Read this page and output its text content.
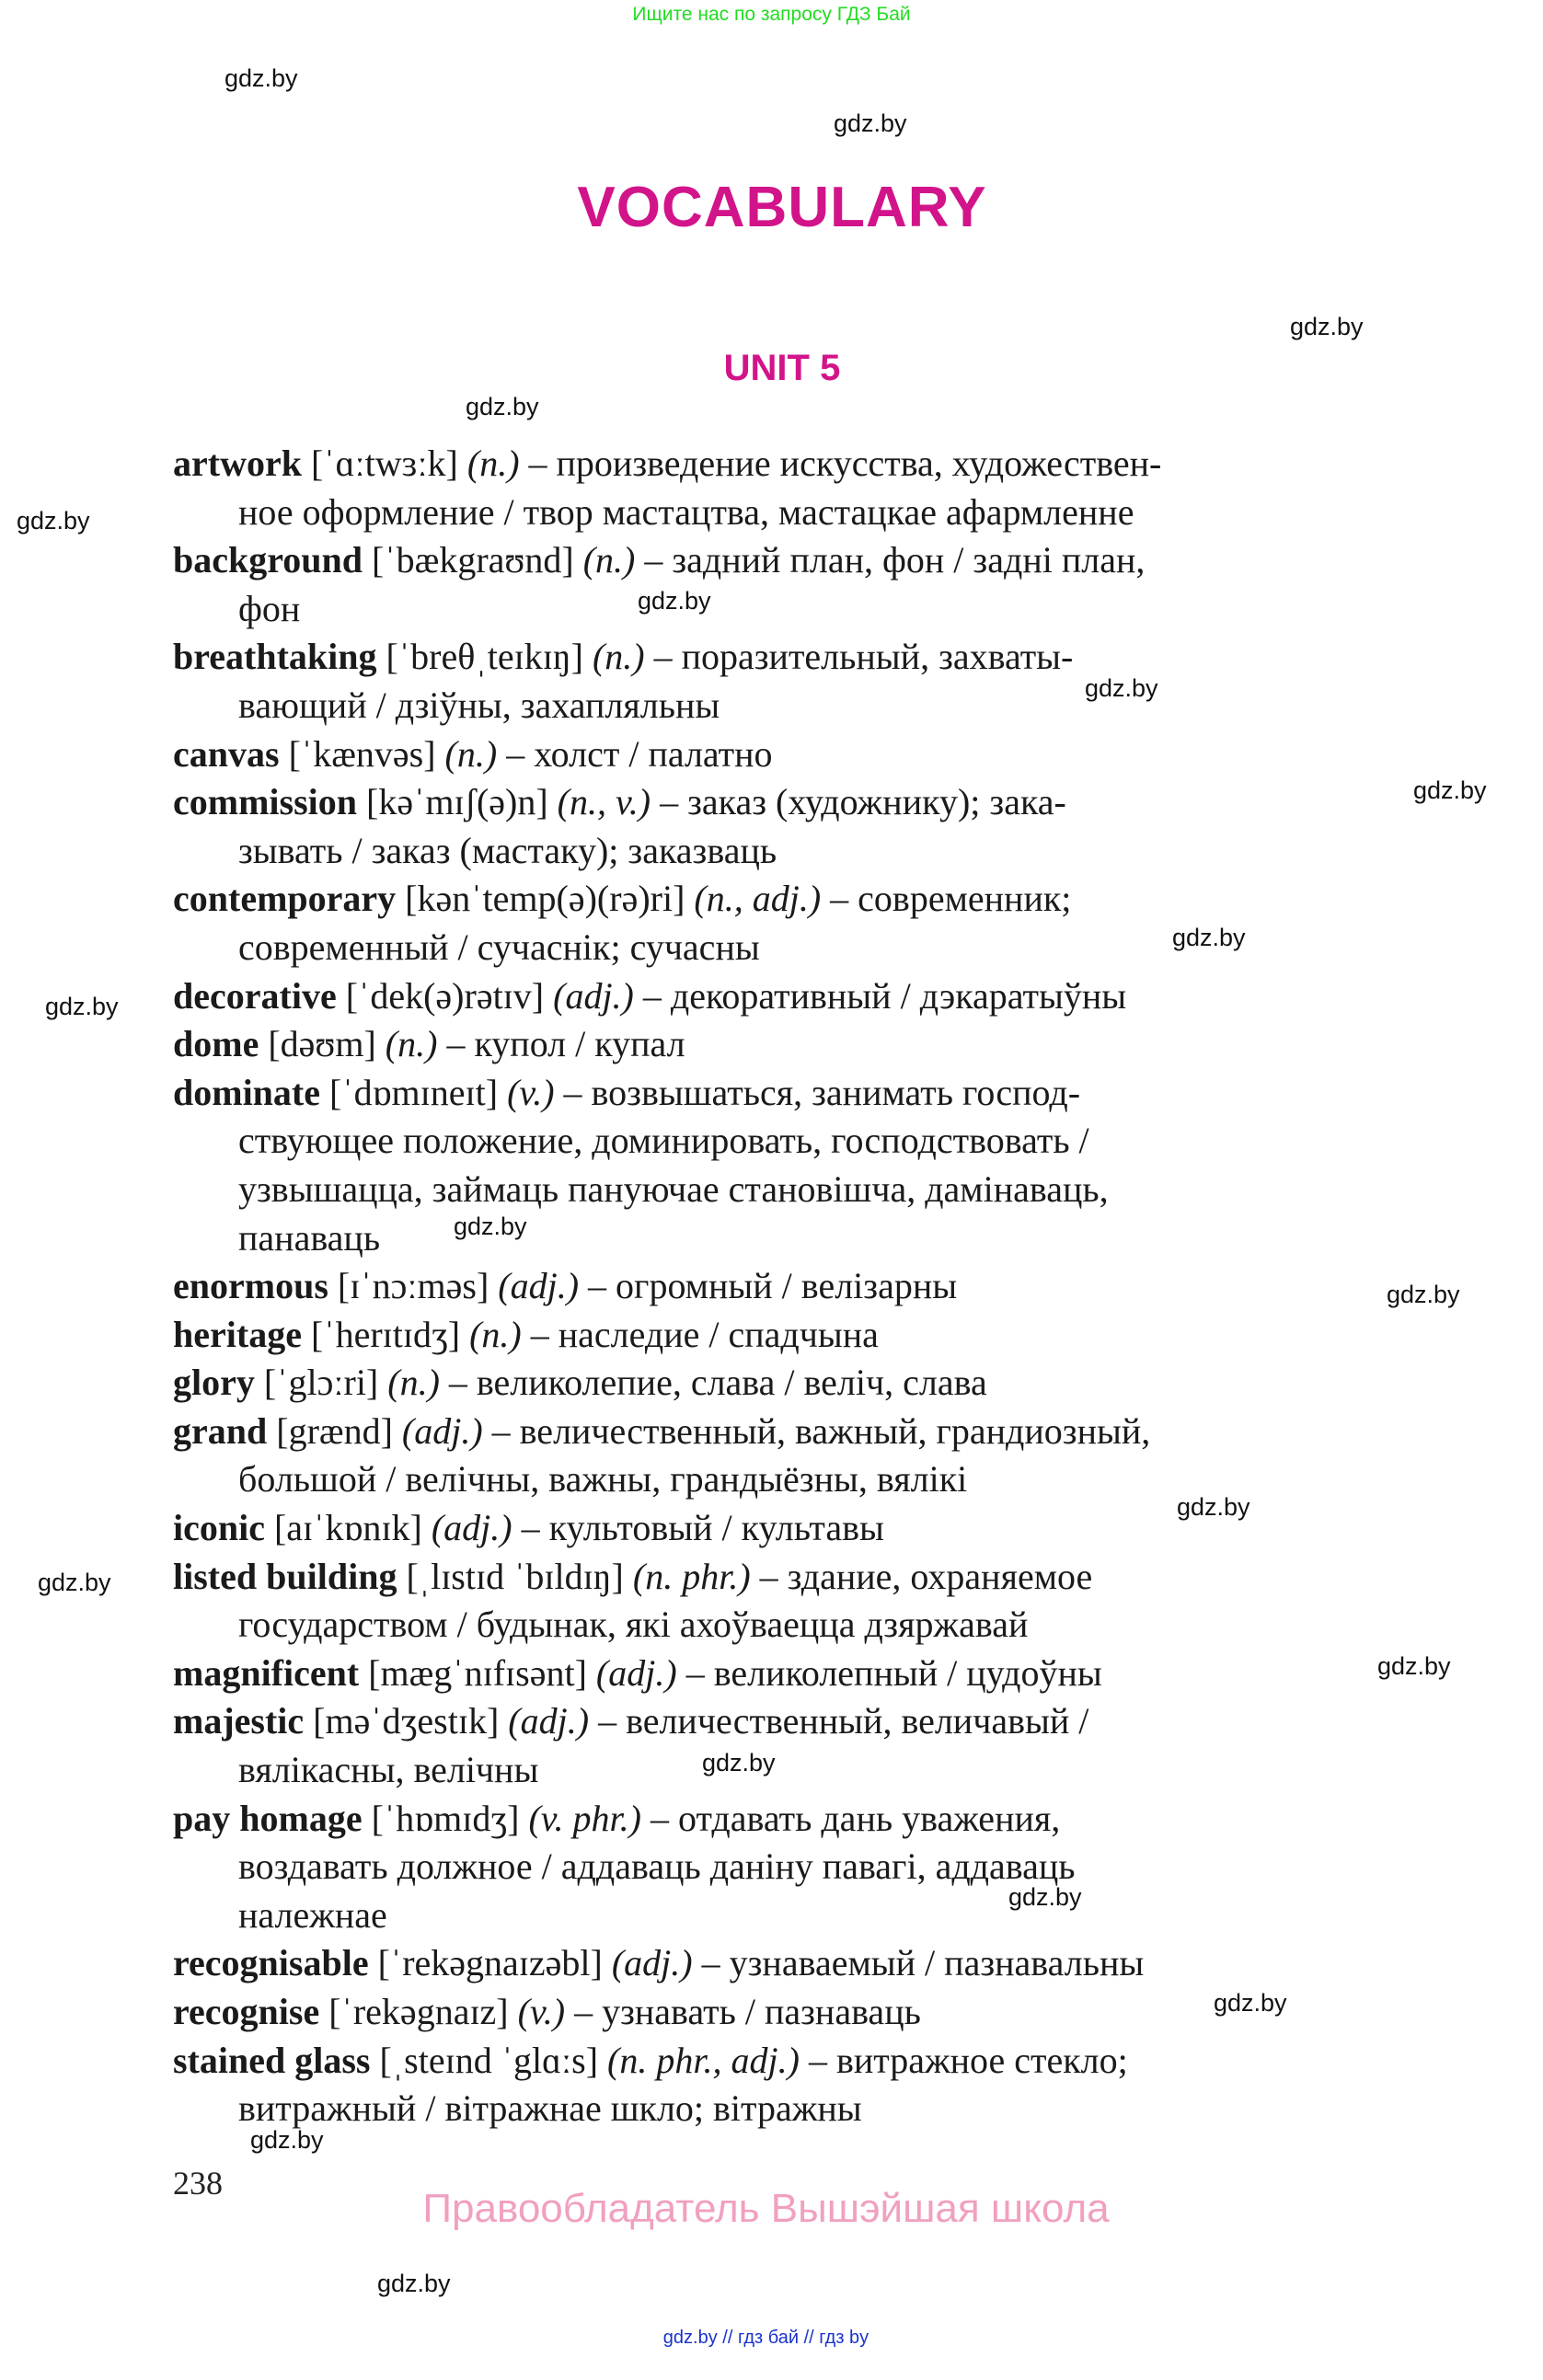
Ищите нас по запросу ГДЗ Бай
VOCABULARY
UNIT 5
artwork [ˈɑːtwɜːk] (n.) – произведение искусства, художествен-
ное оформление / твор мастацтва, мастацкае афармленне
background [ˈbækgraʊnd] (n.) – задний план, фон / задні план,
фон
breathtaking [ˈbreθˌteɪkɪŋ] (n.) – поразительный, захваты-
вающий / дзіўны, захапляльны
canvas [ˈkænvəs] (n.) – холст / палатно
commission [kəˈmɪʃ(ə)n] (n., v.) – заказ (художнику); зака-
зывать / заказ (мастаку); заказваць
contemporary [kənˈtemp(ə)(rə)ri] (n., adj.) – современник;
современный / сучаснік; сучасны
decorative [ˈdek(ə)rətɪv] (adj.) – декоративный / дэкаратыўны
dome [dəʊm] (n.) – купол / купал
dominate [ˈdɒmɪneɪt] (v.) – возвышаться, занимать господ-
ствующее положение, доминировать, господствовать /
узвышацца, займаць пануючае становішча, дамінаваць,
панаваць
enormous [ɪˈnɔːməs] (adj.) – огромный / велізарны
heritage [ˈherɪtɪdʒ] (n.) – наследие / спадчына
glory [ˈglɔːri] (n.) – великолепие, слава / веліч, слава
grand [grænd] (adj.) – величественный, важный, грандиозный,
большой / велічны, важны, грандыёзны, вялікі
iconic [aɪˈkɒnɪk] (adj.) – культовый / культавы
listed building [ˌlɪstɪd ˈbɪldɪŋ] (n. phr.) – здание, охраняемое
государством / будынак, які ахоўваецца дзяржавай
magnificent [mægˈnɪfɪsənt] (adj.) – великолепный / цудоўны
majestic [məˈdʒestɪk] (adj.) – величественный, величавый /
вялікасны, велічны
pay homage [ˈhɒmɪdʒ] (v. phr.) – отдавать дань уважения,
воздавать должное / аддаваць даніну павагі, аддаваць
належнае
recognisable [ˈrekəgnaɪzəbl] (adj.) – узнаваемый / пазнавальны
recognise [ˈrekəgnaɪz] (v.) – узнавать / пазнаваць
stained glass [ˌsteɪnd ˈglɑːs] (n. phr., adj.) – витражное стекло;
витражный / вітражнае шкло; вітражны
gdz.by
gdz.by
gdz.by
gdz.by
gdz.by
gdz.by
gdz.by
gdz.by
gdz.by
gdz.by
gdz.by
gdz.by
gdz.by
gdz.by
gdz.by
gdz.by
gdz.by
gdz.by
gdz.by
gdz.by
238
Правообладатель Вышэйшая школа
gdz.by // гдз бай // гдз by
